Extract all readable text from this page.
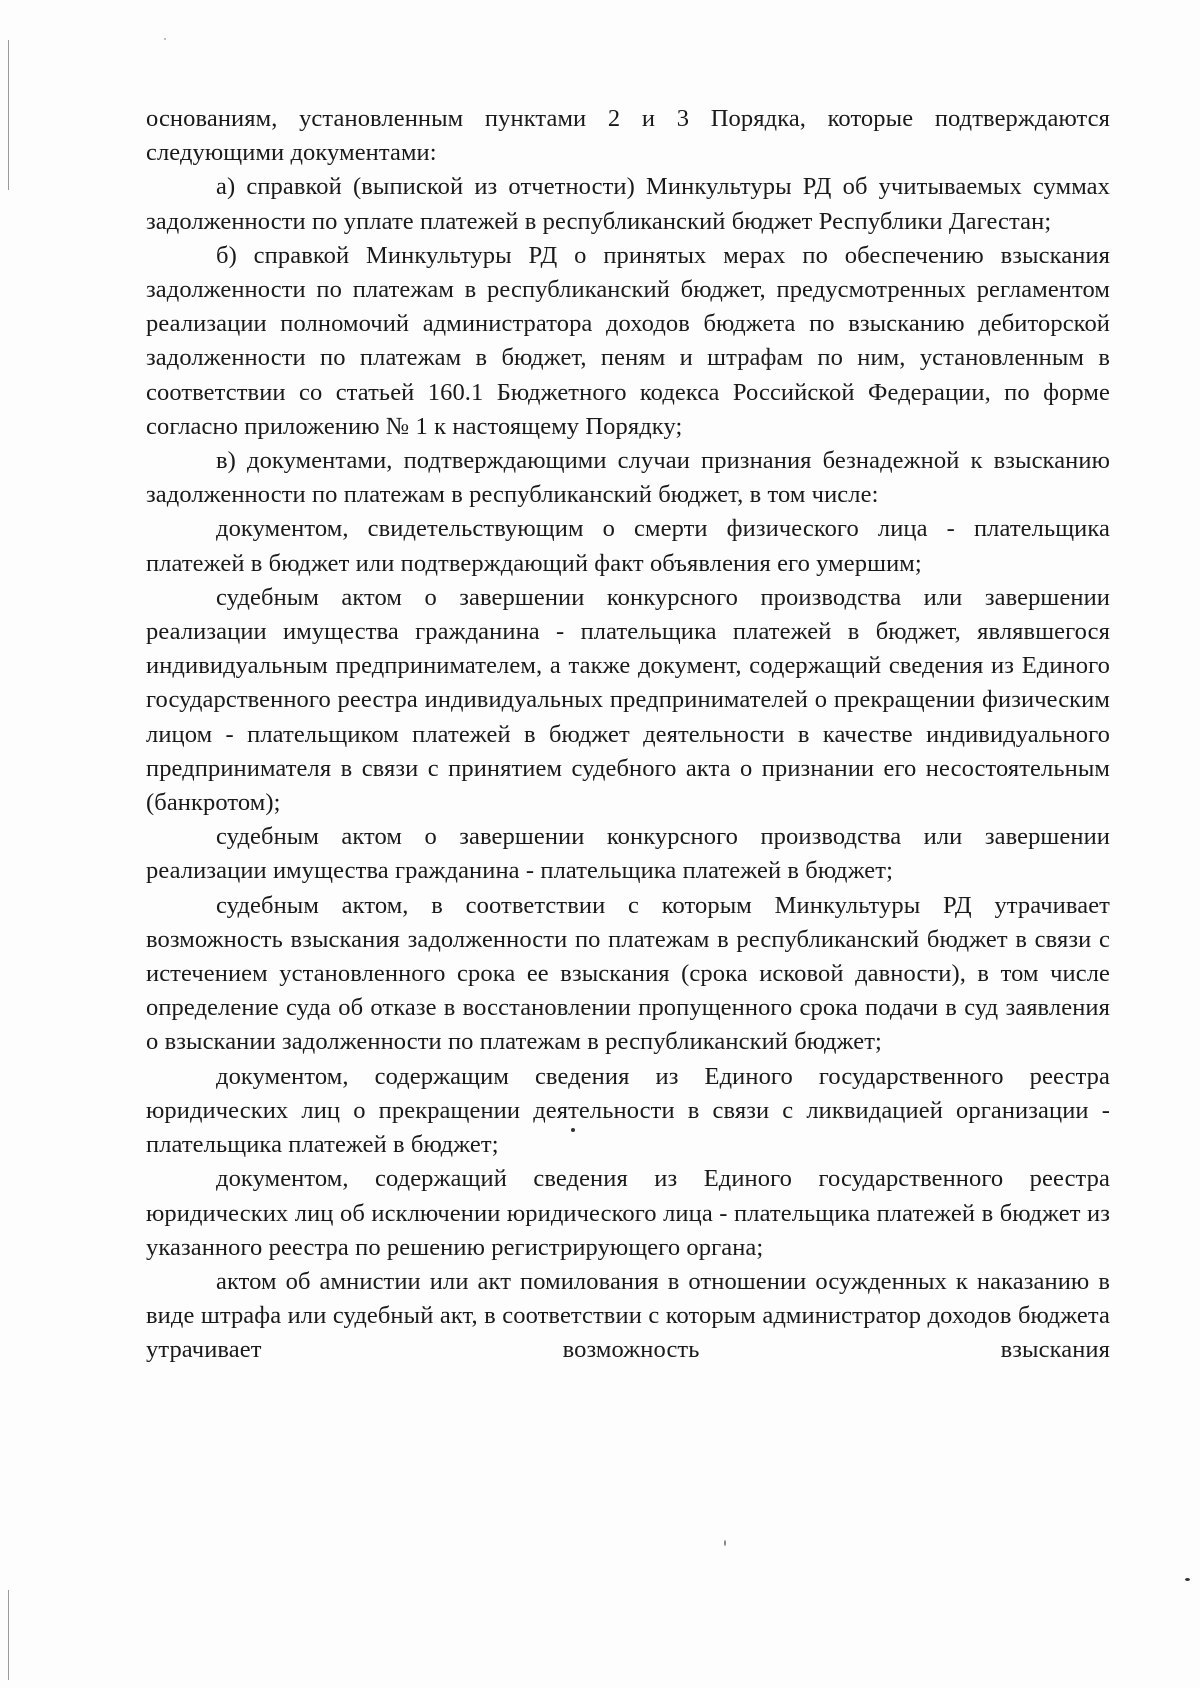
основаниям, установленным пунктами 2 и 3 Порядка, которые подтверждаются следующими документами:

а) справкой (выпиской из отчетности) Минкультуры РД об учитываемых суммах задолженности по уплате платежей в республиканский бюджет Республики Дагестан;

б) справкой Минкультуры РД о принятых мерах по обеспечению взыскания задолженности по платежам в республиканский бюджет, предусмотренных регламентом реализации полномочий администратора доходов бюджета по взысканию дебиторской задолженности по платежам в бюджет, пеням и штрафам по ним, установленным в соответствии со статьей 160.1 Бюджетного кодекса Российской Федерации, по форме согласно приложению № 1 к настоящему Порядку;

в) документами, подтверждающими случаи признания безнадежной к взысканию задолженности по платежам в республиканский бюджет, в том числе:

документом, свидетельствующим о смерти физического лица - плательщика платежей в бюджет или подтверждающий факт объявления его умершим;

судебным актом о завершении конкурсного производства или завершении реализации имущества гражданина - плательщика платежей в бюджет, являвшегося индивидуальным предпринимателем, а также документ, содержащий сведения из Единого государственного реестра индивидуальных предпринимателей о прекращении физическим лицом - плательщиком платежей в бюджет деятельности в качестве индивидуального предпринимателя в связи с принятием судебного акта о признании его несостоятельным (банкротом);

судебным актом о завершении конкурсного производства или завершении реализации имущества гражданина - плательщика платежей в бюджет;

судебным актом, в соответствии с которым Минкультуры РД утрачивает возможность взыскания задолженности по платежам в республиканский бюджет в связи с истечением установленного срока ее взыскания (срока исковой давности), в том числе определение суда об отказе в восстановлении пропущенного срока подачи в суд заявления о взыскании задолженности по платежам в республиканский бюджет;

документом, содержащим сведения из Единого государственного реестра юридических лиц о прекращении деятельности в связи с ликвидацией организации - плательщика платежей в бюджет;

документом, содержащий сведения из Единого государственного реестра юридических лиц об исключении юридического лица - плательщика платежей в бюджет из указанного реестра по решению регистрирующего органа;

актом об амнистии или акт помилования в отношении осужденных к наказанию в виде штрафа или судебный акт, в соответствии с которым администратор доходов бюджета утрачивает возможность взыскания
